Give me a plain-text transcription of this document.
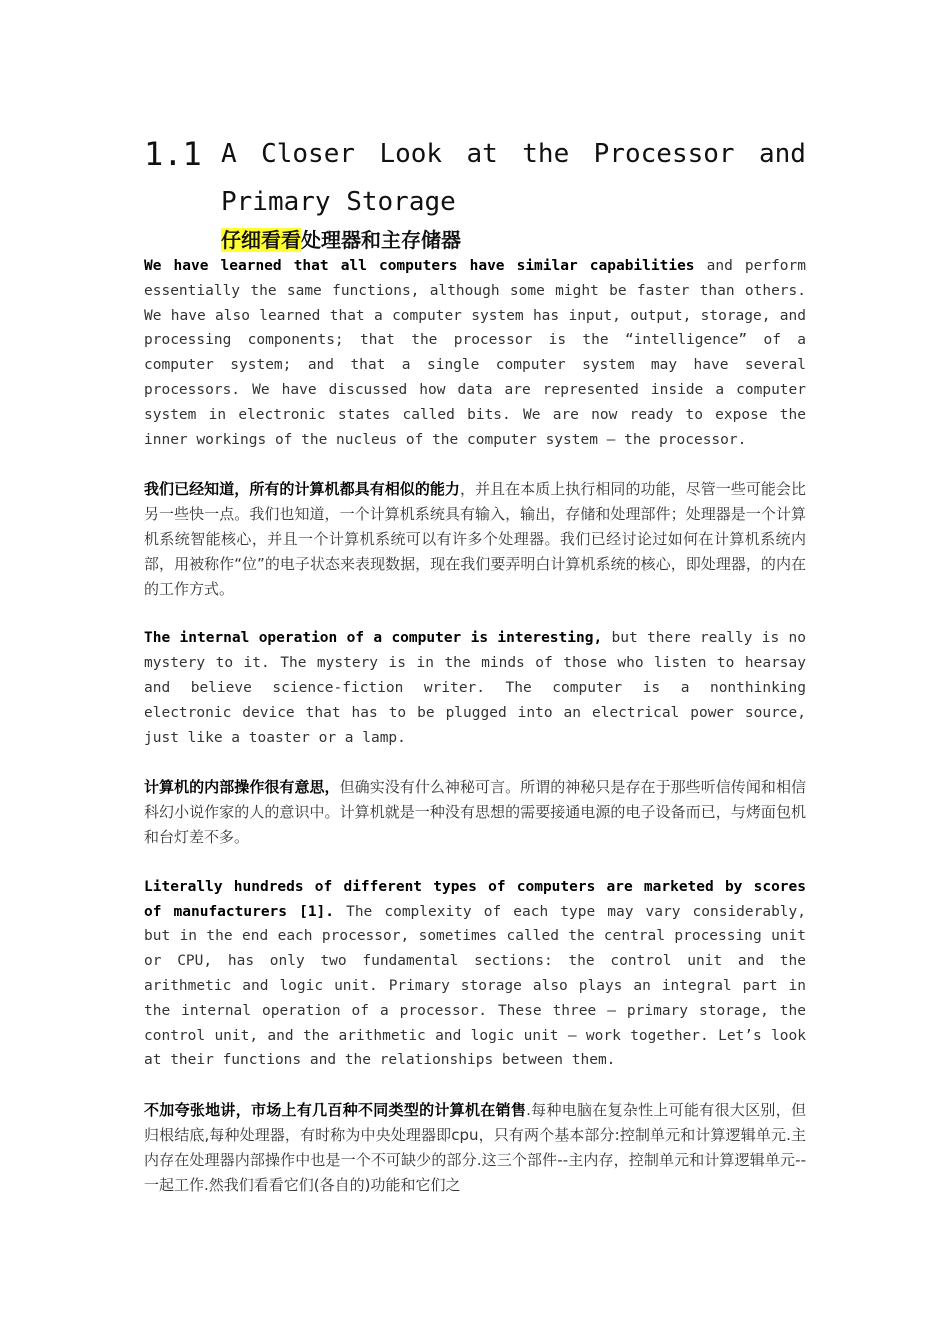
1.1 A Closer Look at the Processor and
Primary Storage
仔细看看处理器和主存储器

We have learned that all computers have similar capabilities and perform essentially the same functions, although some might be faster than others. We have also learned that a computer system has input, output, storage, and processing components; that the processor is the “intelligence” of a computer system; and that a single computer system may have several processors. We have discussed how data are represented inside a computer system in electronic states called bits. We are now ready to expose the inner workings of the nucleus of the computer system — the processor.

我们已经知道，所有的计算机都具有相似的能力，并且在本质上执行相同的功能，尽管一些可能会比另一些快一点。我们也知道，一个计算机系统具有输入，输出，存储和处理部件；处理器是一个计算机系统智能核心，并且一个计算机系统可以有许多个处理器。我们已经讨论过如何在计算机系统内部，用被称作“位”的电子状态来表现数据，现在我们要弄明白计算机系统的核心，即处理器，的内在的工作方式。

The internal operation of a computer is interesting, but there really is no mystery to it. The mystery is in the minds of those who listen to hearsay and believe science-fiction writer. The computer is a nonthinking electronic device that has to be plugged into an electrical power source, just like a toaster or a lamp.

计算机的内部操作很有意思，但确实没有什么神秘可言。所谓的神秘只是存在于那些听信传闻和相信科幻小说作家的人的意识中。计算机就是一种没有思想的需要接通电源的电子设备而已，与烤面包机和台灯差不多。

Literally hundreds of different types of computers are marketed by scores of manufacturers [1]. The complexity of each type may vary considerably, but in the end each processor, sometimes called the central processing unit or CPU, has only two fundamental sections: the control unit and the arithmetic and logic unit. Primary storage also plays an integral part in the internal operation of a processor. These three — primary storage, the control unit, and the arithmetic and logic unit — work together. Let’s look at their functions and the relationships between them.

不加夸张地讲，市场上有几百种不同类型的计算机在销售.每种电脑在复杂性上可能有很大区别，但归根结底,每种处理器，有时称为中央处理器即cpu，只有两个基本部分:控制单元和计算逻辑单元.主内存在处理器内部操作中也是一个不可缺少的部分.这三个部件--主内存，控制单元和计算逻辑单元--一起工作.然我们看看它们(各自的)功能和它们之
